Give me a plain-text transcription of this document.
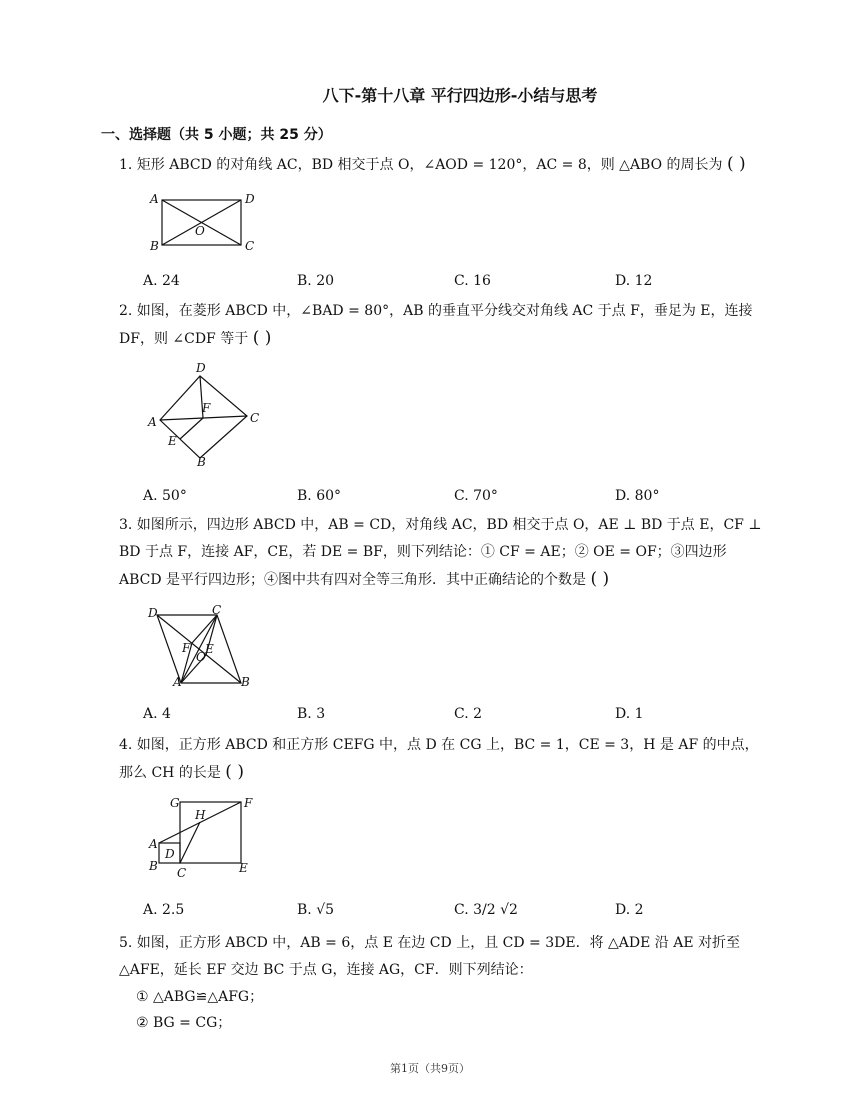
八下-第十八章 平行四边形-小结与思考
一、选择题（共 5 小题；共 25 分）
1. 矩形 ABCD 的对角线 AC，BD 相交于点 O，∠AOD = 120°，AC = 8，则 △ABO 的周长为 ( )
A	D
O
B	C
A. 24	B. 20	C. 16	D. 12
2. 如图，在菱形 ABCD 中，∠BAD = 80°，AB 的垂直平分线交对角线 AC 于点 F，垂足为 E，连接 DF，则 ∠CDF 等于 ( )
D
F
A	C
E
B
A. 50°	B. 60°	C. 70°	D. 80°
3. 如图所示，四边形 ABCD 中，AB = CD，对角线 AC，BD 相交于点 O，AE ⊥ BD 于点 E，CF ⊥ BD 于点 F，连接 AF，CE，若 DE = BF，则下列结论：① CF = AE；② OE = OF；③四边形 ABCD 是平行四边形；④图中共有四对全等三角形．其中正确结论的个数是 ( )
D	C
F E
O
A	B
A. 4	B. 3	C. 2	D. 1
4. 如图，正方形 ABCD 和正方形 CEFG 中，点 D 在 CG 上，BC = 1，CE = 3，H 是 AF 的中点，那么 CH 的长是 ( )
G
H
F
A
D
B C	E
A. 2.5	B. √5	C. 3/2 √2	D. 2
5. 如图，正方形 ABCD 中，AB = 6，点 E 在边 CD 上，且 CD = 3DE．将 △ADE 沿 AE 对折至 △AFE，延长 EF 交边 BC 于点 G，连接 AG，CF．则下列结论：
① △ABG≌△AFG；
② BG = CG；
第1页（共9页）
